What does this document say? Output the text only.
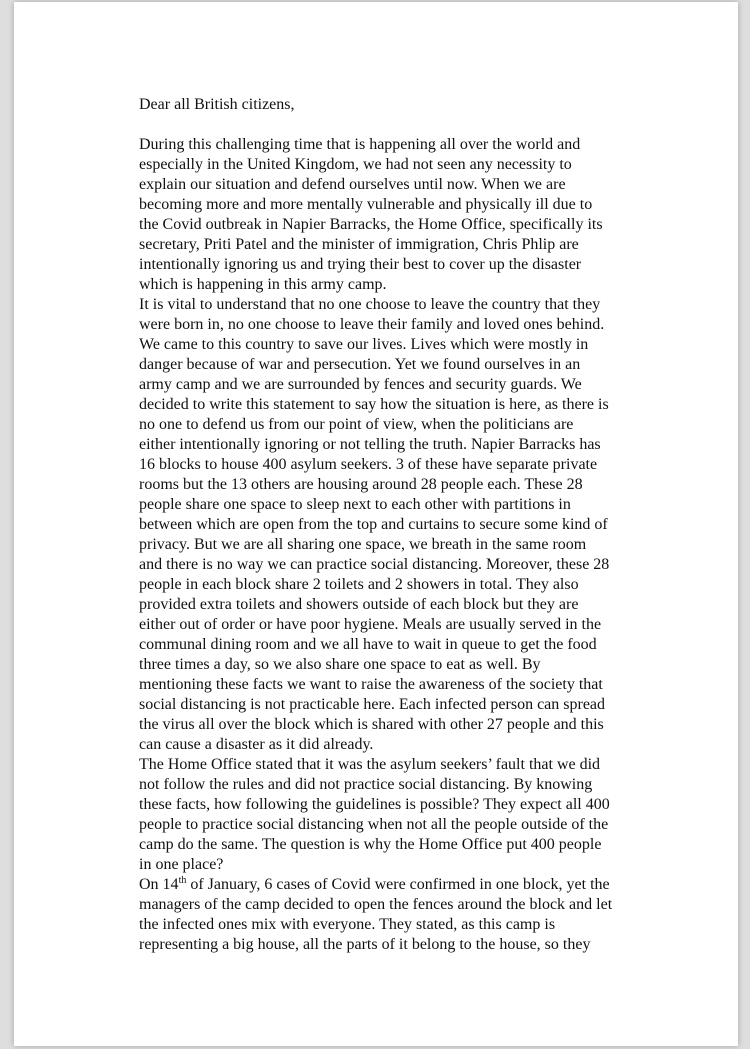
Dear all British citizens,
During this challenging time that is happening all over the world and
especially in the United Kingdom, we had not seen any necessity to
explain our situation and defend ourselves until now. When we are
becoming more and more mentally vulnerable and physically ill due to
the Covid outbreak in Napier Barracks, the Home Office, specifically its
secretary, Priti Patel and the minister of immigration, Chris Phlip are
intentionally ignoring us and trying their best to cover up the disaster
which is happening in this army camp.
It is vital to understand that no one choose to leave the country that they
were born in, no one choose to leave their family and loved ones behind.
We came to this country to save our lives. Lives which were mostly in
danger because of war and persecution. Yet we found ourselves in an
army camp and we are surrounded by fences and security guards. We
decided to write this statement to say how the situation is here, as there is
no one to defend us from our point of view, when the politicians are
either intentionally ignoring or not telling the truth. Napier Barracks has
16 blocks to house 400 asylum seekers. 3 of these have separate private
rooms but the 13 others are housing around 28 people each. These 28
people share one space to sleep next to each other with partitions in
between which are open from the top and curtains to secure some kind of
privacy. But we are all sharing one space, we breath in the same room
and there is no way we can practice social distancing. Moreover, these 28
people in each block share 2 toilets and 2 showers in total. They also
provided extra toilets and showers outside of each block but they are
either out of order or have poor hygiene. Meals are usually served in the
communal dining room and we all have to wait in queue to get the food
three times a day, so we also share one space to eat as well. By
mentioning these facts we want to raise the awareness of the society that
social distancing is not practicable here. Each infected person can spread
the virus all over the block which is shared with other 27 people and this
can cause a disaster as it did already.
The Home Office stated that it was the asylum seekers’ fault that we did
not follow the rules and did not practice social distancing. By knowing
these facts, how following the guidelines is possible? They expect all 400
people to practice social distancing when not all the people outside of the
camp do the same. The question is why the Home Office put 400 people
in one place?
On 14th of January, 6 cases of Covid were confirmed in one block, yet the
managers of the camp decided to open the fences around the block and let
the infected ones mix with everyone. They stated, as this camp is
representing a big house, all the parts of it belong to the house, so they
